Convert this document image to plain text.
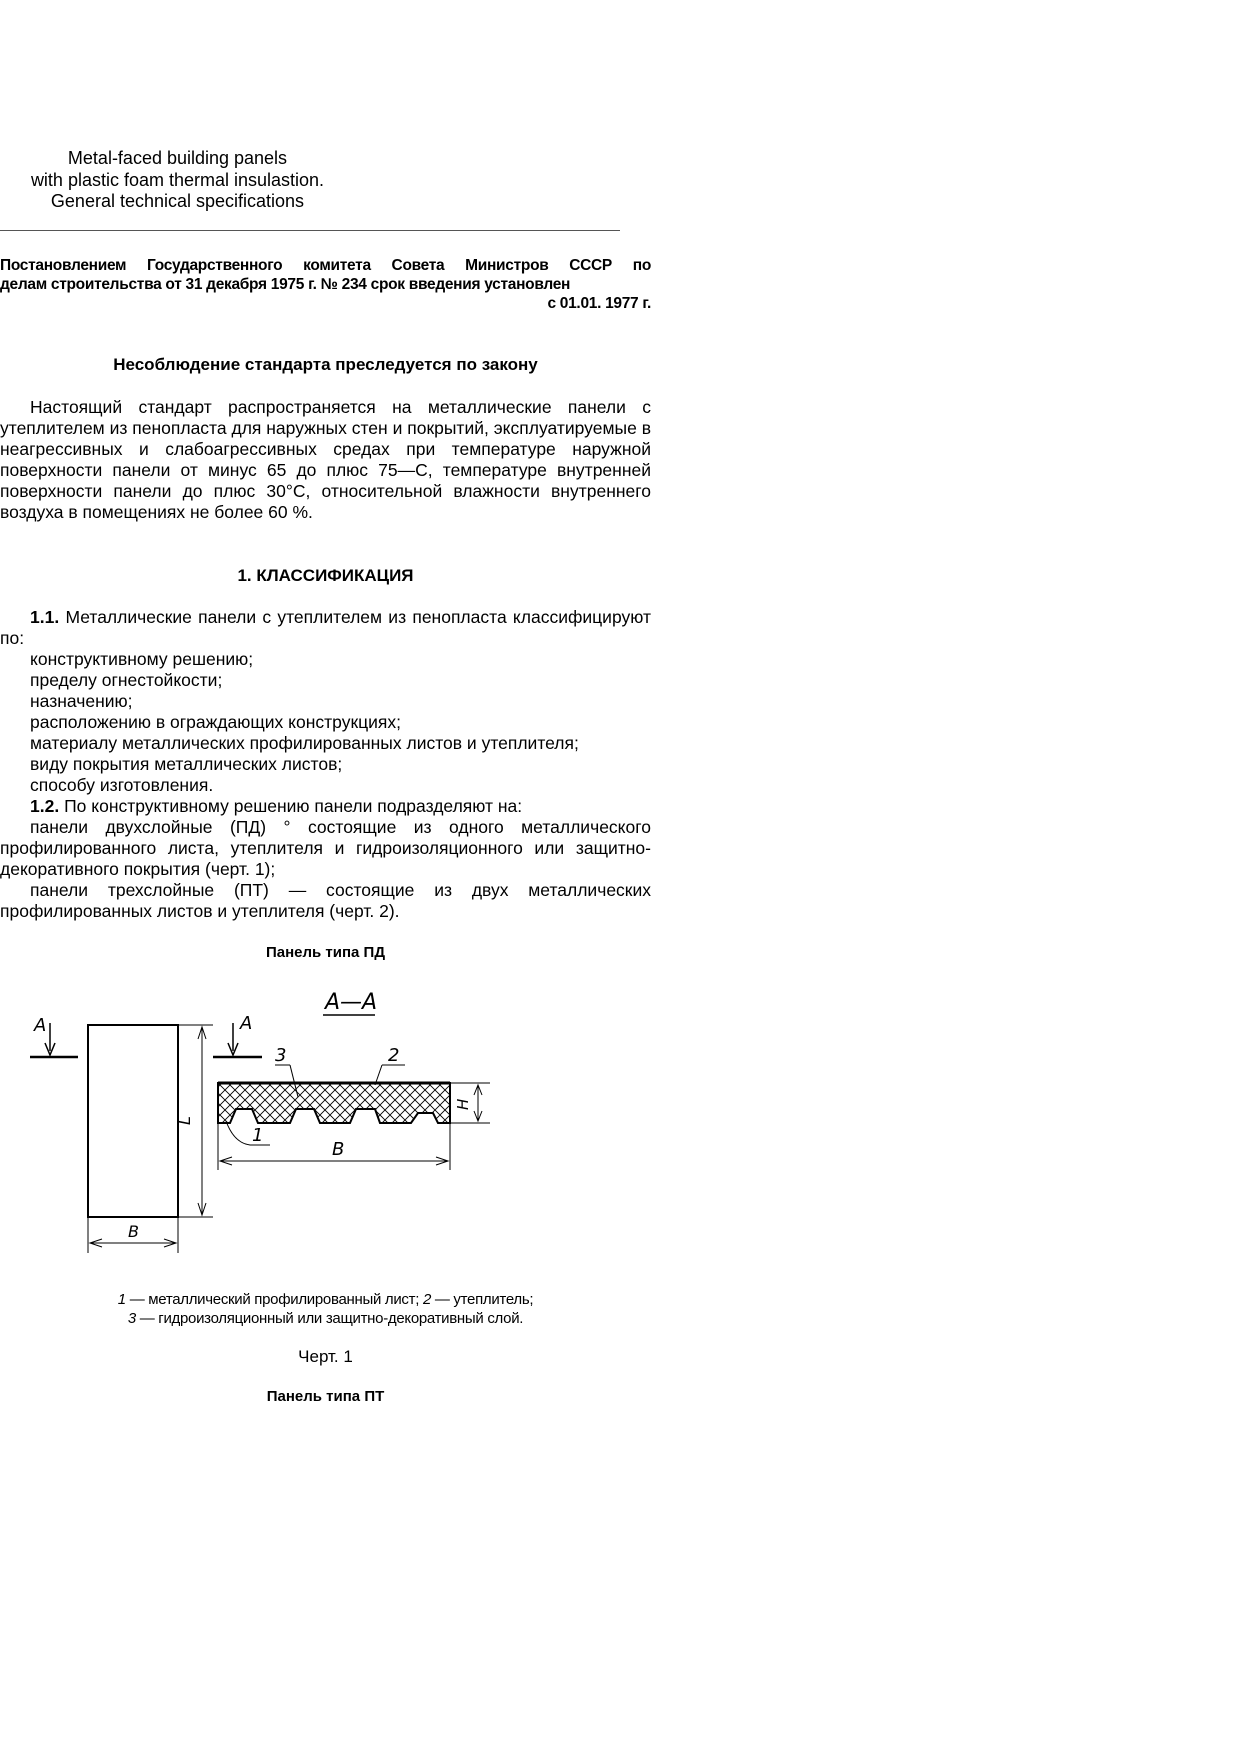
Metal-faced building panels
with plastic foam thermal insulastion.
General technical specifications
Постановлением Государственного комитета Совета Министров СССР по
делам строительства от 31 декабря 1975 г. № 234 срок введения установлен
с 01.01. 1977 г.
Несоблюдение стандарта преследуется по закону
Настоящий стандарт распространяется на металлические панели с утеплителем из пенопласта для наружных стен и покрытий, эксплуатируемые в неагрессивных и слабоагрессивных средах при температуре наружной поверхности панели от минус 65 до плюс 75—С, температуре внутренней поверхности панели до плюс 30°С, относительной влажности внутреннего воздуха в помещениях не более 60 %.
1. КЛАССИФИКАЦИЯ
1.1. Металлические панели с утеплителем из пенопласта классифицируют по:
конструктивному решению;
пределу огнестойкости;
назначению;
расположению в ограждающих конструкциях;
материалу металлических профилированных листов и утеплителя;
виду покрытия металлических листов;
способу изготовления.
1.2. По конструктивному решению панели подразделяют на:
панели двухслойные (ПД) ° состоящие из одного металлического профилированного листа, утеплителя и гидроизоляционного или защитно-декоративного покрытия (черт. 1);
панели трехслойные (ПТ) — состоящие из двух металлических профилированных листов и утеплителя (черт. 2).
Панель типа ПД
А	А
L
В
А—А
3	2
1
Н
В
1 — металлический профилированный лист; 2 — утеплитель;
3 — гидроизоляционный или защитно-декоративный слой.
Черт. 1
Панель типа ПТ
